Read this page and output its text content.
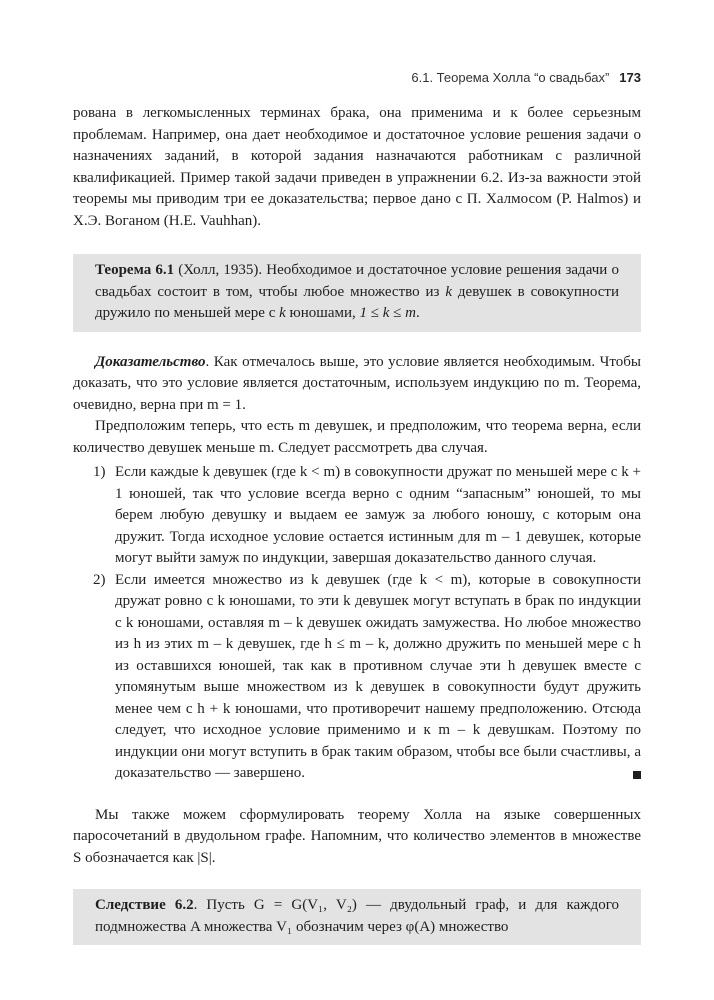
6.1. Теорема Холла “о свадьбах” 173

рована в легкомысленных терминах брака, она применима и к более серьезным проблемам. Например, она дает необходимое и достаточное условие решения задачи о назначениях заданий, в которой задания назначаются работникам с различной квалификацией. Пример такой задачи приведен в упражнении 6.2. Из-за важности этой теоремы мы приводим три ее доказательства; первое дано с П. Халмосом (P. Halmos) и Х.Э. Воганом (H.E. Vauhhan).

Теорема 6.1 (Холл, 1935). Необходимое и достаточное условие решения задачи о свадьбах состоит в том, чтобы любое множество из k девушек в совокупности дружило по меньшей мере с k юношами, 1 ≤ k ≤ m.

Доказательство. Как отмечалось выше, это условие является необходимым. Чтобы доказать, что это условие является достаточным, используем индукцию по m. Теорема, очевидно, верна при m = 1.

Предположим теперь, что есть m девушек, и предположим, что теорема верна, если количество девушек меньше m. Следует рассмотреть два случая.

1) Если каждые k девушек (где k < m) в совокупности дружат по меньшей мере с k + 1 юношей, так что условие всегда верно с одним “запасным” юношей, то мы берем любую девушку и выдаем ее замуж за любого юношу, с которым она дружит. Тогда исходное условие остается истинным для m – 1 девушек, которые могут выйти замуж по индукции, завершая доказательство данного случая.
2) Если имеется множество из k девушек (где k < m), которые в совокупности дружат ровно с k юношами, то эти k девушек могут вступать в брак по индукции с k юношами, оставляя m – k девушек ожидать замужества. Но любое множество из h из этих m – k девушек, где h ≤ m – k, должно дружить по меньшей мере с h из оставшихся юношей, так как в противном случае эти h девушек вместе с упомянутым выше множеством из k девушек в совокупности будут дружить менее чем с h + k юношами, что противоречит нашему предположению. Отсюда следует, что исходное условие применимо и к m – k девушкам. Поэтому по индукции они могут вступить в брак таким образом, чтобы все были счастливы, а доказательство — завершено.

Мы также можем сформулировать теорему Холла на языке совершенных паросочетаний в двудольном графе. Напомним, что количество элементов в множестве S обозначается как |S|.

Следствие 6.2. Пусть G = G(V₁, V₂) — двудольный граф, и для каждого подмножества A множества V₁ обозначим через φ(A) множество
